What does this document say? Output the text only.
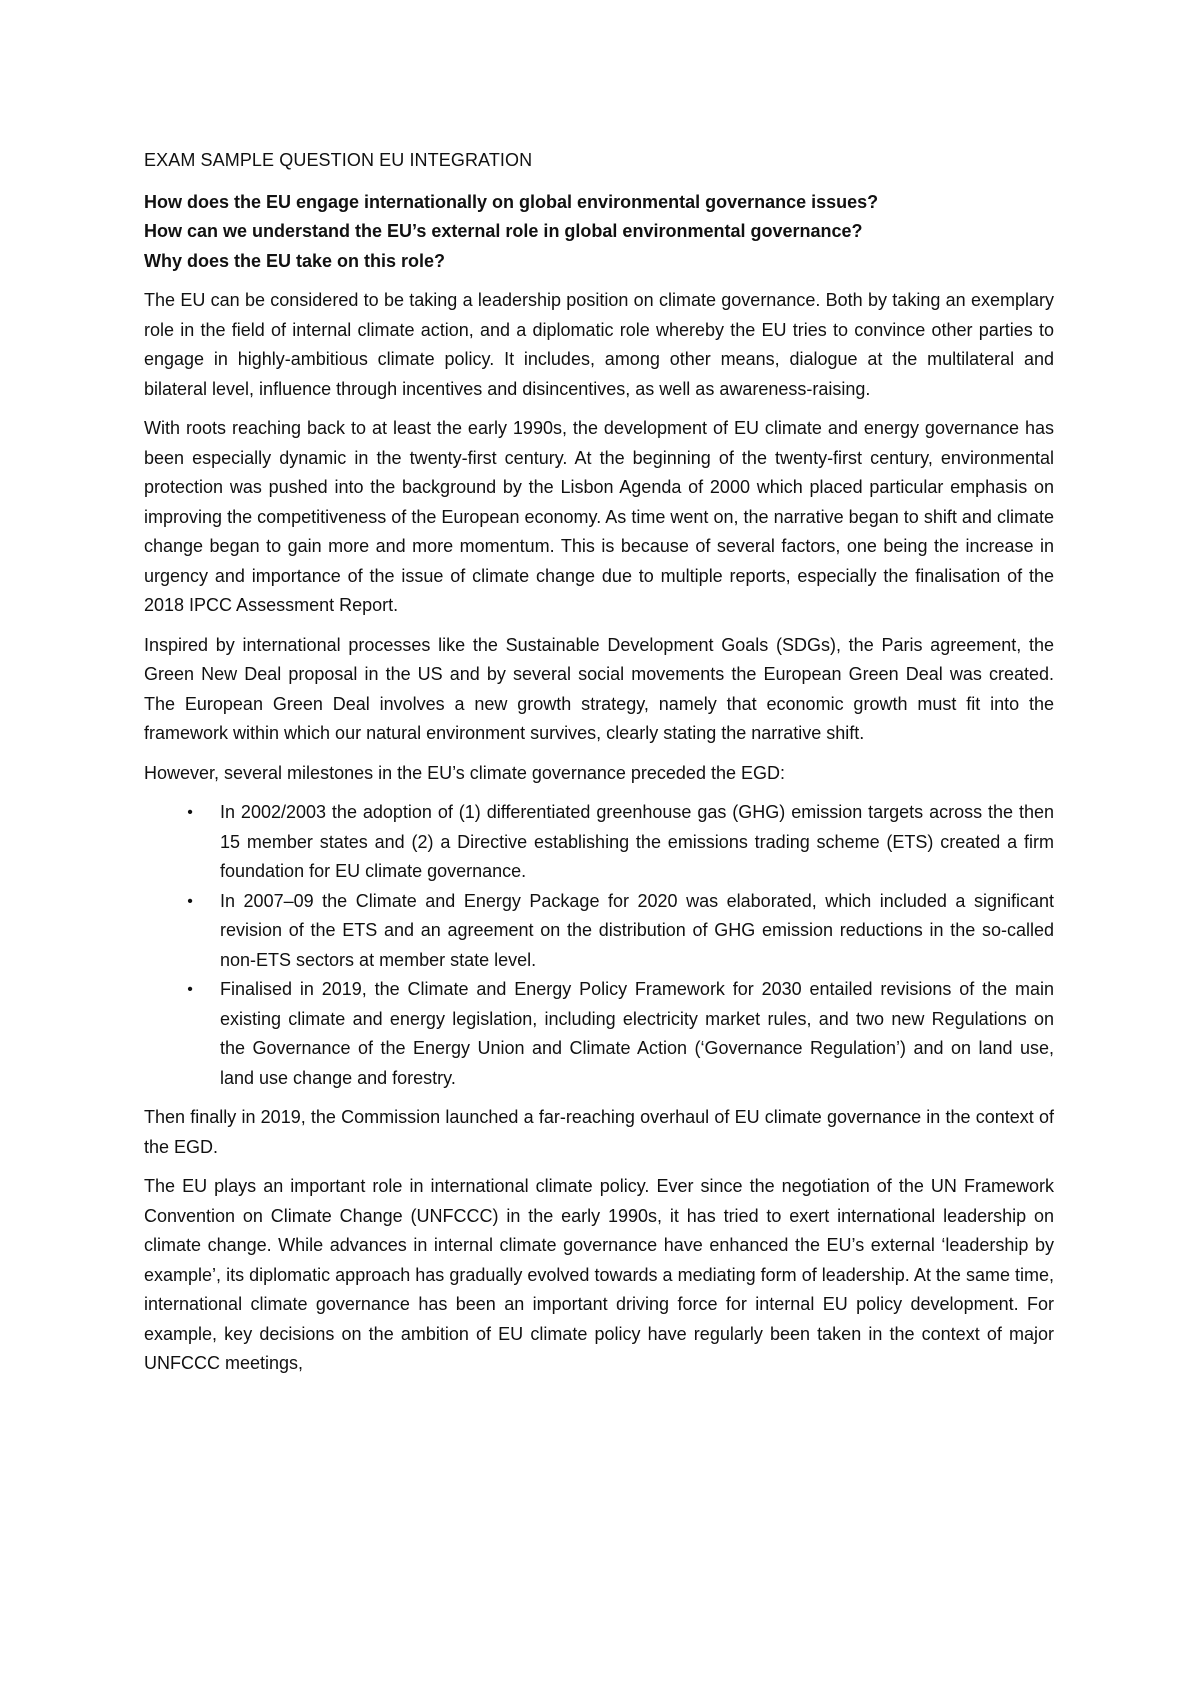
EXAM SAMPLE QUESTION EU INTEGRATION

How does the EU engage internationally on global environmental governance issues?

How can we understand the EU’s external role in global environmental governance?

Why does the EU take on this role?

The EU can be considered to be taking a leadership position on climate governance. Both by taking an exemplary role in the field of internal climate action, and a diplomatic role whereby the EU tries to convince other parties to engage in highly-ambitious climate policy. It includes, among other means, dialogue at the multilateral and bilateral level, influence through incentives and disincentives, as well as awareness-raising.

With roots reaching back to at least the early 1990s, the development of EU climate and energy governance has been especially dynamic in the twenty-first century. At the beginning of the twenty-first century, environmental protection was pushed into the background by the Lisbon Agenda of 2000 which placed particular emphasis on improving the competitiveness of the European economy. As time went on, the narrative began to shift and climate change began to gain more and more momentum. This is because of several factors, one being the increase in urgency and importance of the issue of climate change due to multiple reports, especially the finalisation of the 2018 IPCC Assessment Report.

Inspired by international processes like the Sustainable Development Goals (SDGs), the Paris agreement, the Green New Deal proposal in the US and by several social movements the European Green Deal was created. The European Green Deal involves a new growth strategy, namely that economic growth must fit into the framework within which our natural environment survives, clearly stating the narrative shift.

However, several milestones in the EU’s climate governance preceded the EGD:

•	In 2002/2003 the adoption of (1) differentiated greenhouse gas (GHG) emission targets across the then 15 member states and (2) a Directive establishing the emissions trading scheme (ETS) created a firm foundation for EU climate governance.
•	In 2007–09 the Climate and Energy Package for 2020 was elaborated, which included a significant revision of the ETS and an agreement on the distribution of GHG emission reductions in the so-called non-ETS sectors at member state level.
•	Finalised in 2019, the Climate and Energy Policy Framework for 2030 entailed revisions of the main existing climate and energy legislation, including electricity market rules, and two new Regulations on the Governance of the Energy Union and Climate Action (‘Governance Regulation’) and on land use, land use change and forestry.

Then finally in 2019, the Commission launched a far-reaching overhaul of EU climate governance in the context of the EGD.

The EU plays an important role in international climate policy. Ever since the negotiation of the UN Framework Convention on Climate Change (UNFCCC) in the early 1990s, it has tried to exert international leadership on climate change. While advances in internal climate governance have enhanced the EU’s external ‘leadership by example’, its diplomatic approach has gradually evolved towards a mediating form of leadership. At the same time, international climate governance has been an important driving force for internal EU policy development. For example, key decisions on the ambition of EU climate policy have regularly been taken in the context of major UNFCCC meetings,
